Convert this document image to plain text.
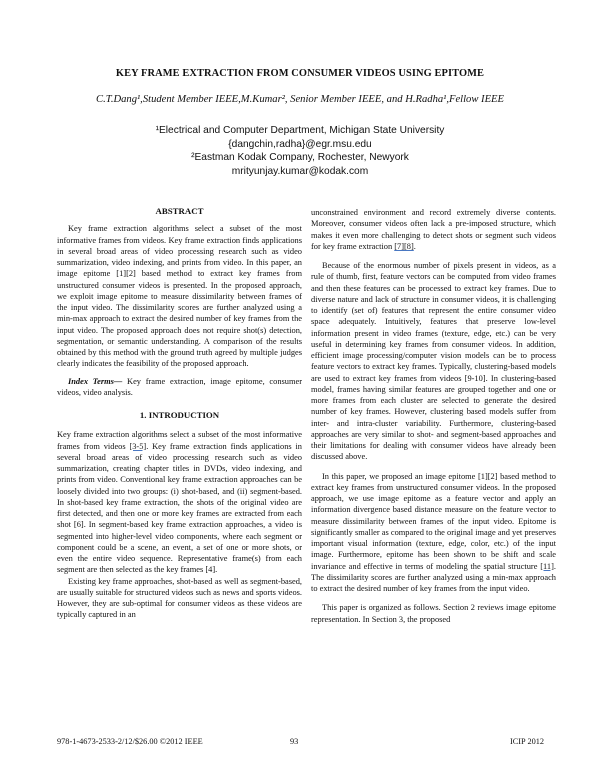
KEY FRAME EXTRACTION FROM CONSUMER VIDEOS USING EPITOME
C.T.Dang¹,Student Member IEEE,M.Kumar², Senior Member IEEE, and H.Radha¹,Fellow IEEE
¹Electrical and Computer Department, Michigan State University
{dangchin,radha}@egr.msu.edu
²Eastman Kodak Company, Rochester, Newyork
mrityunjay.kumar@kodak.com
ABSTRACT

Key frame extraction algorithms select a subset of the most informative frames from videos. Key frame extraction finds applications in several broad areas of video processing research such as video summarization, video indexing, and prints from video. In this paper, an image epitome [1][2] based method to extract key frames from unstructured consumer videos is presented. In the proposed approach, we exploit image epitome to measure dissimilarity between frames of the input video. The dissimilarity scores are further analyzed using a min-max approach to extract the desired number of key frames from the input video. The proposed approach does not require shot(s) detection, segmentation, or semantic understanding. A comparison of the results obtained by this method with the ground truth agreed by multiple judges clearly indicates the feasibility of the proposed approach.

Index Terms— Key frame extraction, image epitome, consumer videos, video analysis.

1. INTRODUCTION

Key frame extraction algorithms select a subset of the most informative frames from videos [3-5]. Key frame extraction finds applications in several broad areas of video processing research such as video summarization, creating chapter titles in DVDs, video indexing, and prints from video. Conventional key frame extraction approaches can be loosely divided into two groups: (i) shot-based, and (ii) segment-based. In shot-based key frame extraction, the shots of the original video are first detected, and then one or more key frames are extracted from each shot [6]. In segment-based key frame extraction approaches, a video is segmented into higher-level video components, where each segment or component could be a scene, an event, a set of one or more shots, or even the entire video sequence. Representative frame(s) from each segment are then selected as the key frames [4].

Existing key frame approaches, shot-based as well as segment-based, are usually suitable for structured videos such as news and sports videos. However, they are sub-optimal for consumer videos as these videos are typically captured in an

unconstrained environment and record extremely diverse contents. Moreover, consumer videos often lack a pre-imposed structure, which makes it even more challenging to detect shots or segment such videos for key frame extraction [7][8].

Because of the enormous number of pixels present in videos, as a rule of thumb, first, feature vectors can be computed from video frames and then these features can be processed to extract key frames. Due to diverse nature and lack of structure in consumer videos, it is challenging to identify (set of) features that represent the entire consumer video space adequately. Intuitively, features that preserve low-level information present in video frames (texture, edge, etc.) can be very useful in determining key frames from consumer videos. In addition, efficient image processing/computer vision models can be to process feature vectors to extract key frames. Typically, clustering-based models are used to extract key frames from videos [9-10]. In clustering-based model, frames having similar features are grouped together and one or more frames from each cluster are selected to generate the desired number of key frames. However, clustering based models suffer from inter- and intra-cluster variability. Furthermore, clustering-based approaches are very similar to shot- and segment-based approaches and their limitations for dealing with consumer videos have already been discussed above.

In this paper, we proposed an image epitome [1][2] based method to extract key frames from unstructured consumer videos. In the proposed approach, we use image epitome as a feature vector and apply an information divergence based distance measure on the feature vector to measure dissimilarity between frames of the input video. Epitome is significantly smaller as compared to the original image and yet preserves important visual information (texture, edge, color, etc.) of the input image. Furthermore, epitome has been shown to be shift and scale invariance and effective in terms of modeling the spatial structure [11]. The dissimilarity scores are further analyzed using a min-max approach to extract the desired number of key frames from the input video.

This paper is organized as follows. Section 2 reviews image epitome representation. In Section 3, the proposed

978-1-4673-2533-2/12/$26.00 ©2012 IEEE	93	ICIP 2012
